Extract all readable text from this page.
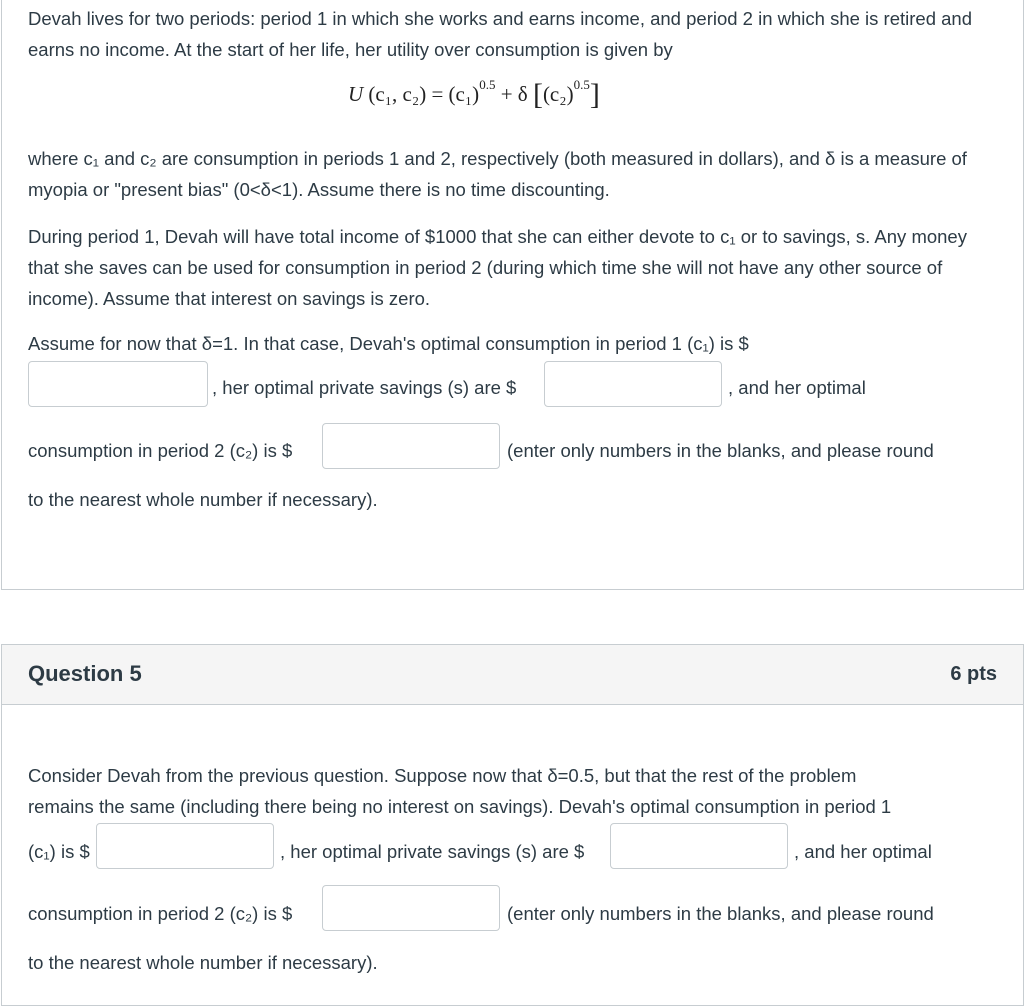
Devah lives for two periods: period 1 in which she works and earns income, and period 2 in which she is retired and earns no income. At the start of her life, her utility over consumption is given by

U (c₁, $c_2) = (c_1)^{0.5} + \delta$ $[(c_2)^{0.5}]$

where c₁ and c₂ are consumption in periods 1 and 2, respectively (both measured in dollars), and δ is a measure of myopia or "present bias" (0<δ<1). Assume there is no time discounting.

During period 1, Devah will have total income of $1000 that she can either devote to c₁ or to savings, s. Any money that she saves can be used for consumption in period 2 (during which time she will not have any other source of income). Assume that interest on savings is zero.

Assume for now that δ=1. In that case, Devah's optimal consumption in period 1 (c₁) is $
, her optimal private savings (s) are $	, and her optimal
consumption in period 2 (c₂) is $	(enter only numbers in the blanks, and please round
to the nearest whole number if necessary).
Question 5	6 pts
Consider Devah from the previous question. Suppose now that δ=0.5, but that the rest of the problem
remains the same (including there being no interest on savings). Devah's optimal consumption in period 1
(c₁) is $	, her optimal private savings (s) are $	, and her optimal
consumption in period 2 (c₂) is $	(enter only numbers in the blanks, and please round
to the nearest whole number if necessary).
